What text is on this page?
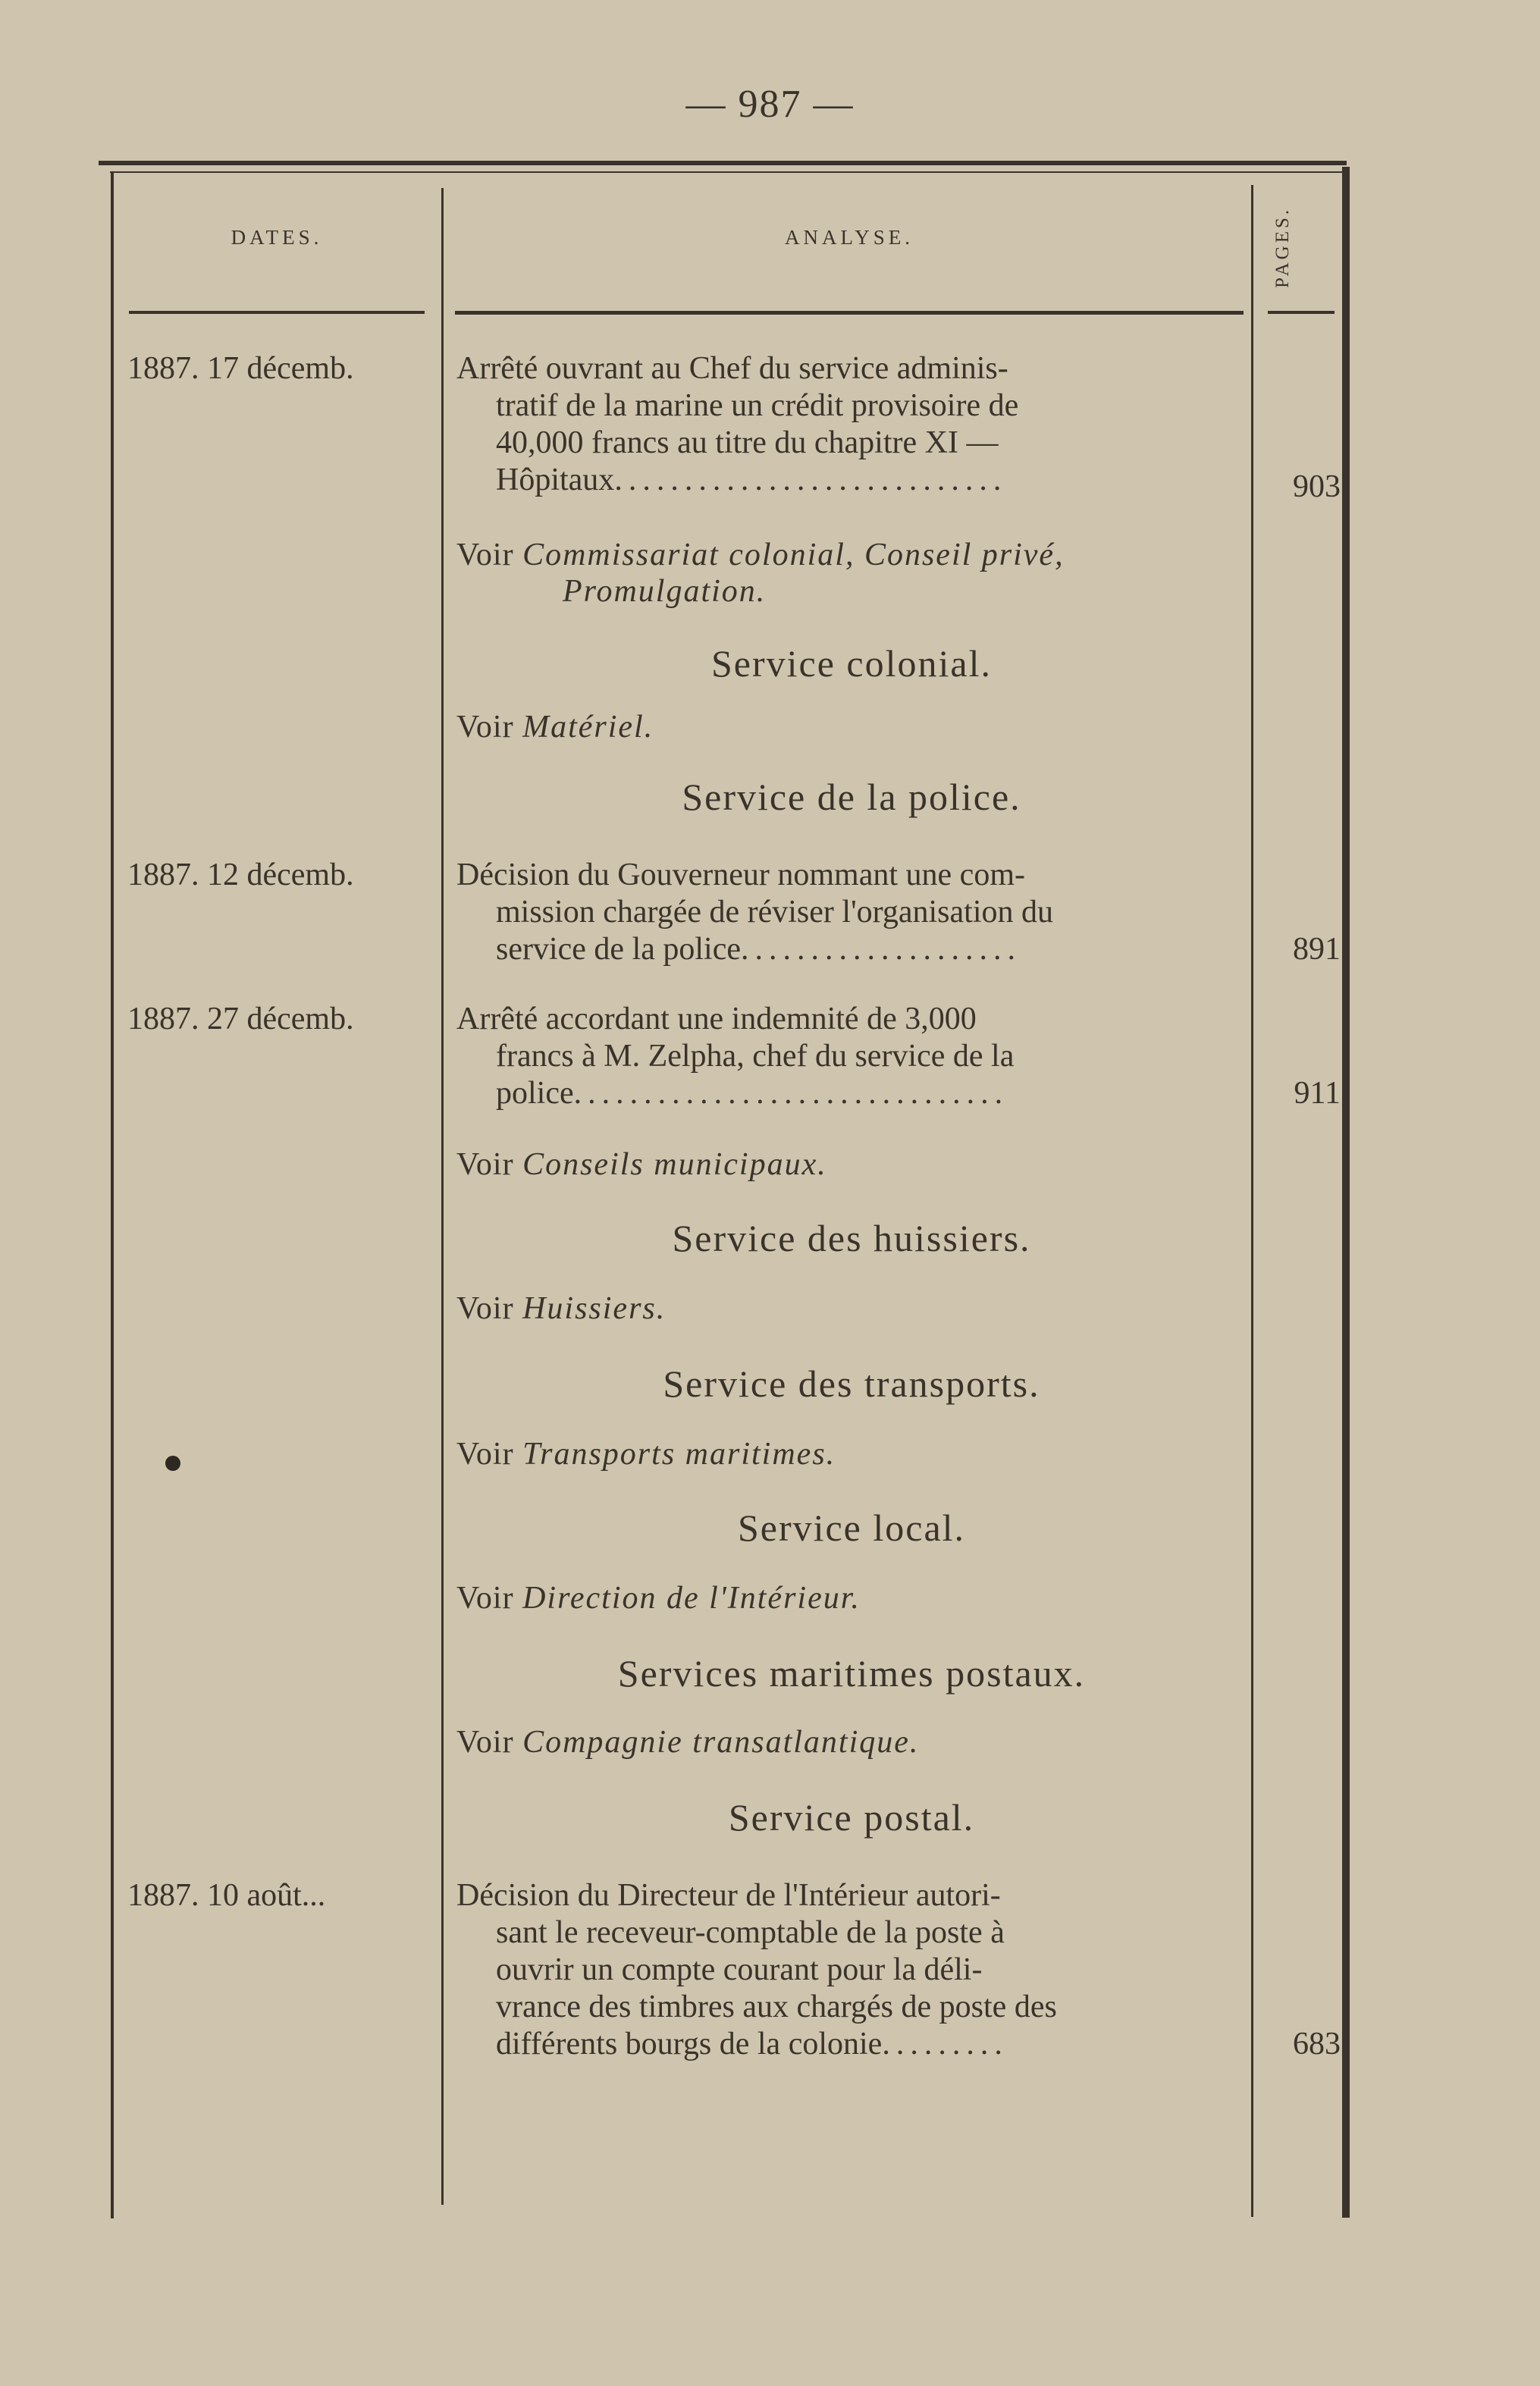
— 987 —
DATES.	ANALYSE.	PAGES.
1887. 17 décemb.	Arrêté ouvrant au Chef du service adminis-
tratif de la marine un crédit provisoire de
40,000 francs au titre du chapitre XI —
Hôpitaux............................	903
Voir Commissariat colonial, Conseil privé,
Promulgation.
Service colonial.
Voir Matériel.
Service de la police.
1887. 12 décemb.	Décision du Gouverneur nommant une com-
mission chargée de réviser l'organisation du
service de la police....................	891
1887. 27 décemb.	Arrêté accordant une indemnité de 3,000
francs à M. Zelpha, chef du service de la
police...............................	911
Voir Conseils municipaux.
Service des huissiers.
Voir Huissiers.
Service des transports.
Voir Transports maritimes.
Service local.
Voir Direction de l'Intérieur.
Services maritimes postaux.
Voir Compagnie transatlantique.
Service postal.
1887. 10 août...	Décision du Directeur de l'Intérieur autori-
sant le receveur-comptable de la poste à
ouvrir un compte courant pour la déli-
vrance des timbres aux chargés de poste des
différents bourgs de la colonie.........	683
